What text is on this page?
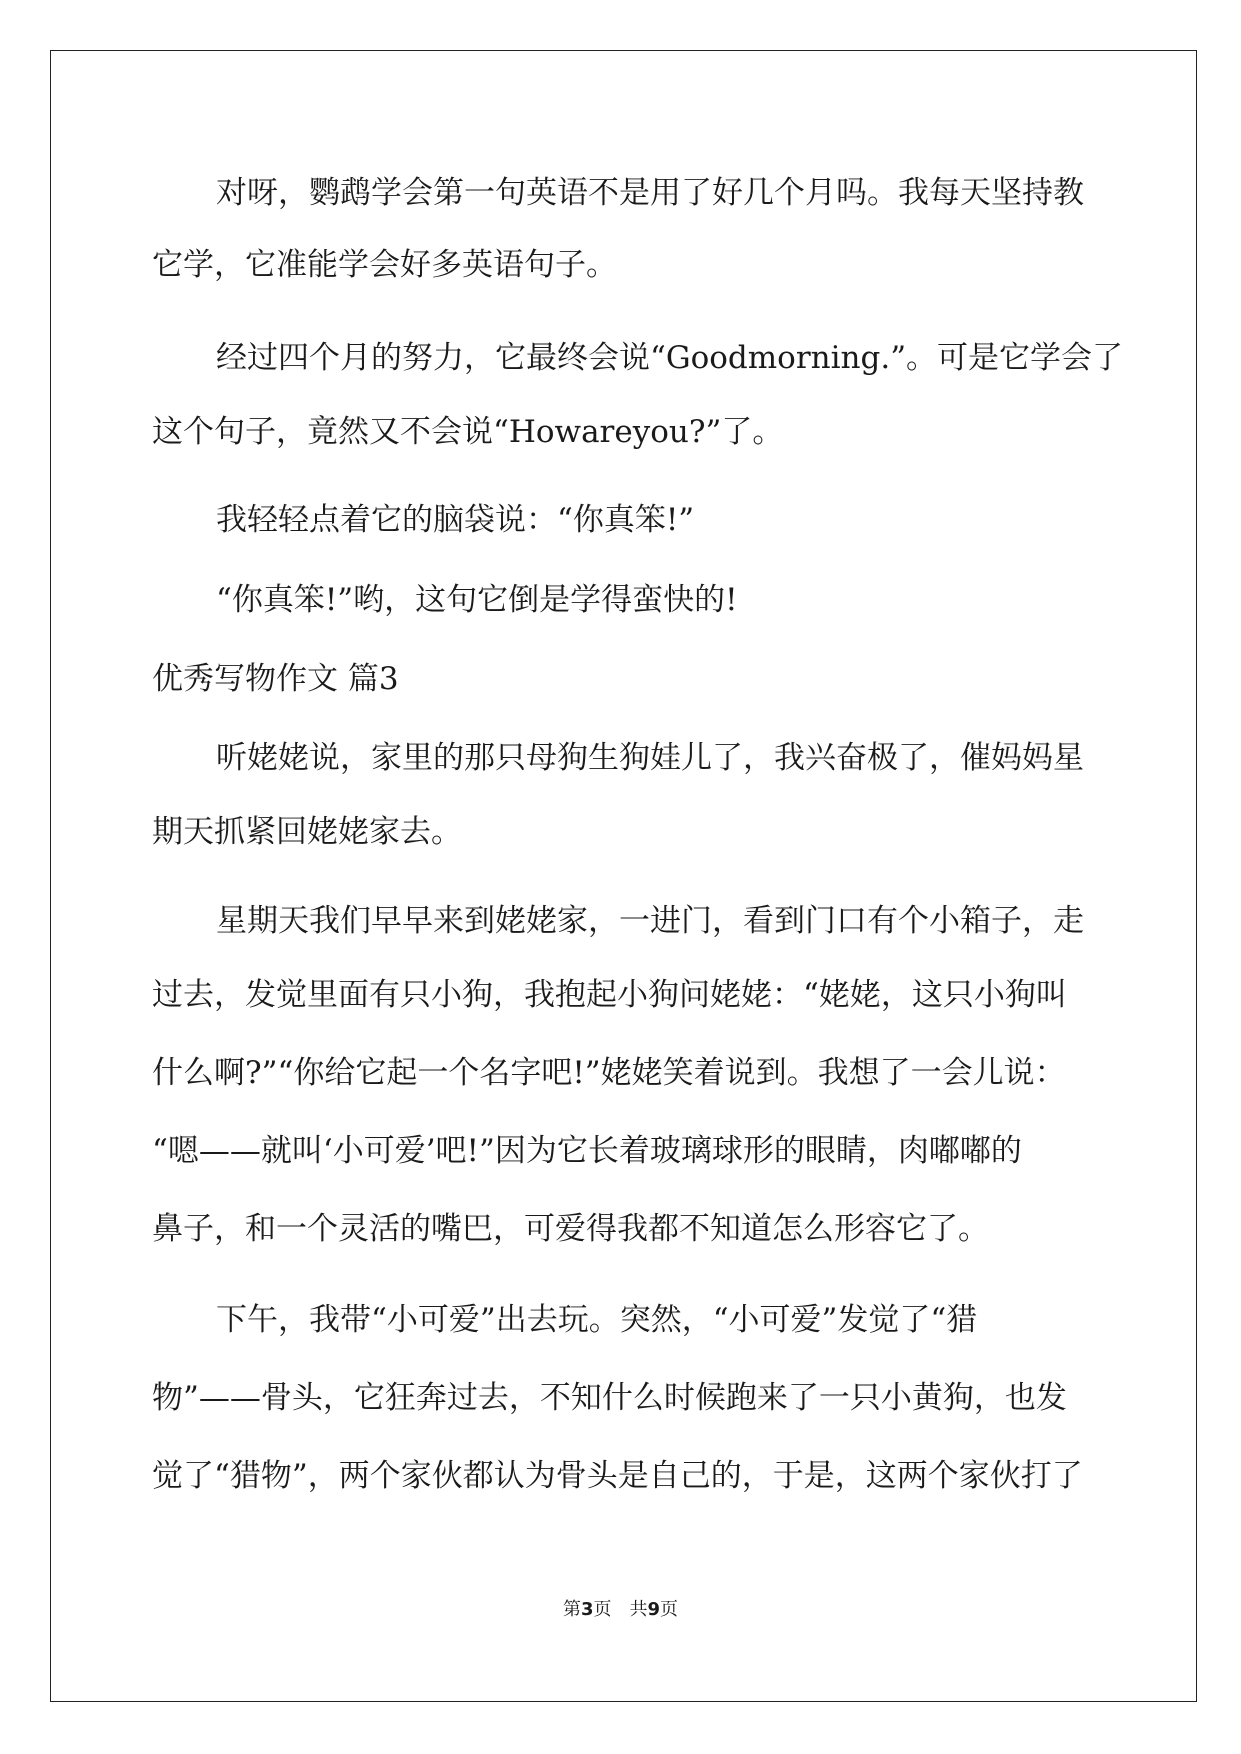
对呀，鹦鹉学会第一句英语不是用了好几个月吗。我每天坚持教
它学，它准能学会好多英语句子。
经过四个月的努力，它最终会说“Goodmorning.”。可是它学会了
这个句子，竟然又不会说“Howareyou?”了。
我轻轻点着它的脑袋说：“你真笨!”
“你真笨!”哟，这句它倒是学得蛮快的!
优秀写物作文 篇3
听姥姥说，家里的那只母狗生狗娃儿了，我兴奋极了，催妈妈星
期天抓紧回姥姥家去。
星期天我们早早来到姥姥家，一进门，看到门口有个小箱子，走
过去，发觉里面有只小狗，我抱起小狗问姥姥：“姥姥，这只小狗叫
什么啊?”“你给它起一个名字吧!”姥姥笑着说到。我想了一会儿说：
“嗯——就叫‘小可爱’吧!”因为它长着玻璃球形的眼睛，肉嘟嘟的
鼻子，和一个灵活的嘴巴，可爱得我都不知道怎么形容它了。
下午，我带“小可爱”出去玩。突然，“小可爱”发觉了“猎
物”——骨头，它狂奔过去，不知什么时候跑来了一只小黄狗，也发
觉了“猎物”，两个家伙都认为骨头是自己的，于是，这两个家伙打了
第3页　共9页
